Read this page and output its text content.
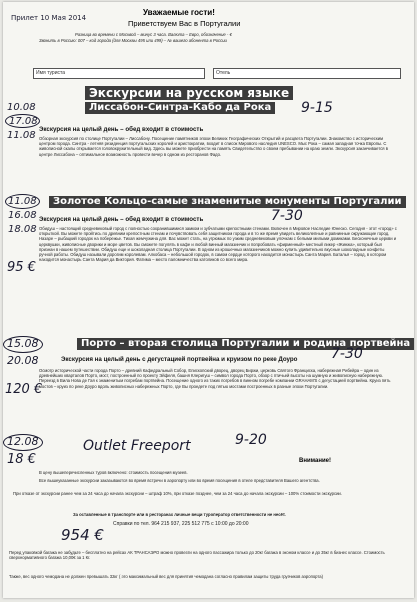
Прилет 10 Мая 2014
Уважаемые гости!
Приветствуем Вас в Португалии
Разница во времени с Москвой – минус 3 часа. Валюта – Евро, обозначение - €
Звонить в Россию: 007 – код города (для Москвы 495 или 499) – № вашего абонента в России
Имя туриста	Отель
Экскурсии на русском языке
10.08
17.08
11.08
Лиссабон-Синтра-Кабо да Рока 9-15
Экскурсия на целый день – обед входит в стоимость
Обзорная экскурсия по столице Португалии – Лиссабону. Посещение памятников эпохи Великих Географических Открытий и расцвета Португалии. Знакомство с историческим центром города. Синтра - летняя резиденция португальских королей и аристократии, входит в список Мирового наследия UNESCO. Мыс Рока – самая западная точка Европы. С живописной скалы открывается головокружительный вид. Здесь вы можете приобрести на память Свидетельство о своем пребывании на краю земли. Экскурсия заканчивается в центре Лиссабона – оптимальное возможность провести вечер в одном из ресторанов Фадо.
11.08
16.08
18.08
95 €
Золотое Кольцо-самые знаменитые монументы Португалии
7-30
Экскурсия на целый день – обед входит в стоимость
Обидуш – настоящий средневековый город с полностью сохранившимися замком и зубчатыми крепостными стенами. Включен в Мировое Наследие Юнеско. Сегодня - этот «город» с открыткой. Вы можете пройтись по древним крепостным стенам и почувствовать себя защитником города и в то же время увидеть великолепные и равнинные окружающие город. Назаре – рыбацкий городок на побережье. Тихая жемчужина для. Вас может стать, на угрюмых по узким средневековым улочкам с белыми милыми домиками. Бесконечные церкви и церквушки, живописные дворики и море цветов. Вы сможете погулять в кафе и любой винный магазинчик и попробовать «фирменный» местный ликер «Жинжа», который был признан в нашем путешествии. Обидуш еще и шоколадная столица Португалии. В одном из крошечных магазинчиков можно купить удивительно вкусные шоколадные конфеты ручной работы. Обидуш называли дорогим королевам. Алкобаса – небольшой городок, в самом сердце которого находится монастырь Санта Мария. Баталья – город, в котором находится монастырь Санта Мария да Виктория. Фатима – место паломничества католиков со всего мира.
15.08
20.08
120 €
Порто – вторая столица Португалии и родина портвейна
7-30
Экскурсия на целый день с дегустацией портвейна и круизом по реке Доуро
Осмотр исторической части города Порто – древний Кафедральный Собор, Епископский дворец, дворец Биржи, церковь Святого Франциска, набережная Рибейра – один из древнейших кварталов Порто, мост, построенный по проекту Эйфеля, башня Клеригуш – символ города Порто, обзор с птичьей высоты на шумную и живописную набережную. Переезд в Вила Нова де Гая к знаменитым погребам портвейна. Посещение одного из таких погребов в винном погребе компании GRAHAM'S с дегустацией портвейна. Круиз пять мостов – круиз по реке Доуро вдоль живописных набережных Порто, где Вы проедете под пятью мостами построенных в разные эпохи Португалии.
12.08
18 €
Outlet Freeport	9-20
Внимание!
В цену вышеперечисленных туров включено: стоимость посещения музеев.
Все вышеуказанные экскурсии заказываются во время встречи в аэропорту или во время посещения в отеле представителя Вашего агентства.
При отказе от экскурсии ранее чем за 24 часа до начала экскурсии – штраф 10%, при отказе позднее, чем за 24 часа до начала экскурсии – 100% стоимости экскурсии.
За оставленные в транспорте или в ресторанах личные вещи туроператор ответственности не несёт.
Справки по тел. 964 215 937, 225 512 775 с 10:00 до 20:00
954 €
Перед упаковкой багажа не забудьте – бесплатно на рейсах АК ТРАНСАЭРО можно провезти на одного пассажира только до 20кг багажа в эконом классе и до 35кг в бизнес классе. Стоимость сверхнормативного багажа 10,00€ за 1 Кг.
Также, вес одного чемодана не должен превышать 32кг ( это максимальный вес для принятия чемодана согласно правилам защиты труда грузчиков аэропорта)
